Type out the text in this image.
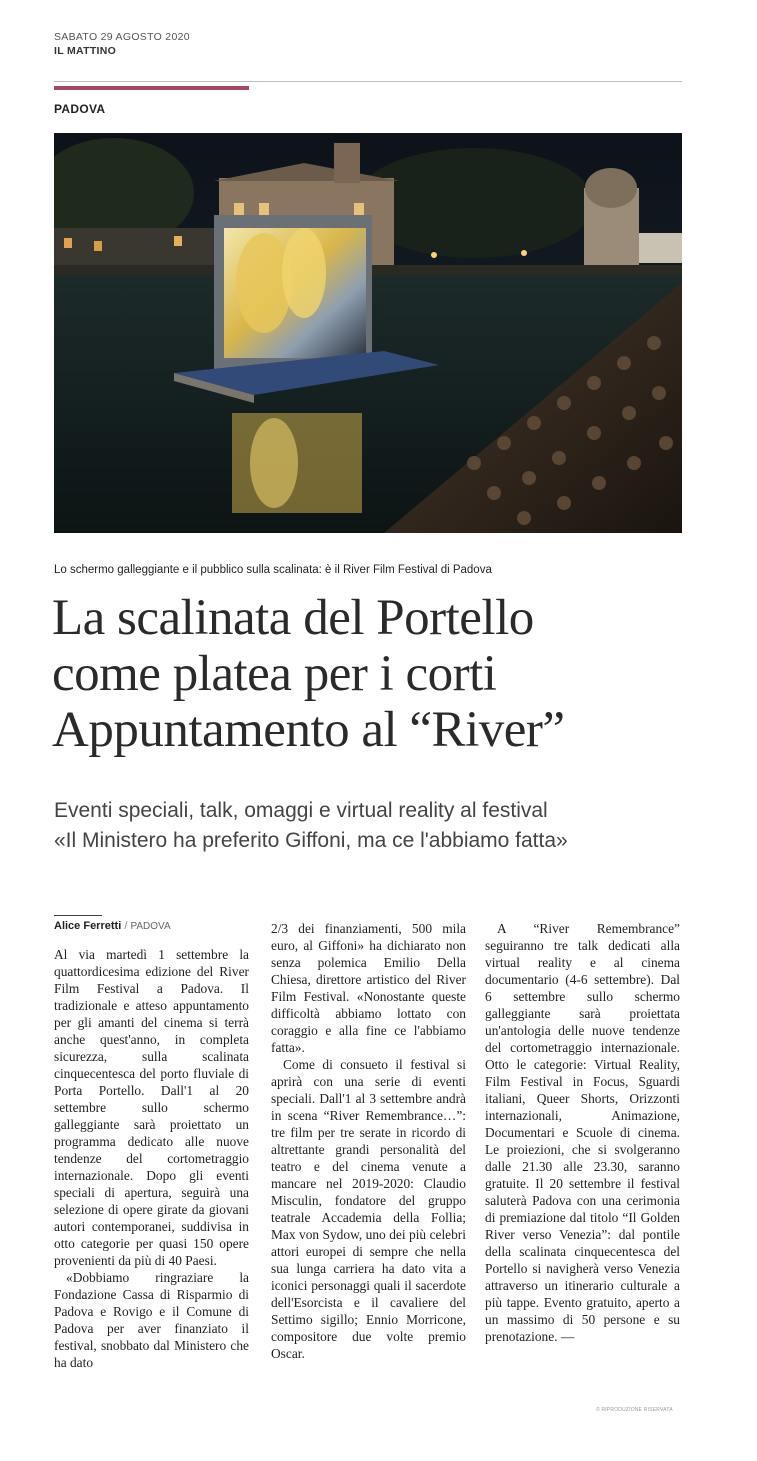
SABATO 29 AGOSTO 2020
IL MATTINO
PADOVA
Lo schermo galleggiante e il pubblico sulla scalinata: è il River Film Festival di Padova
La scalinata del Portello
come platea per i corti
Appuntamento al “River”
Eventi speciali, talk, omaggi e virtual reality al festival
«Il Ministero ha preferito Giffoni, ma ce l'abbiamo fatta»
Alice Ferretti / PADOVA

Al via martedì 1 settembre la quattordicesima edizione del River Film Festival a Padova. Il tradizionale e atteso appuntamento per gli amanti del cinema si terrà anche quest'anno, in completa sicurezza, sulla scalinata cinquecentesca del porto fluviale di Porta Portello. Dall'1 al 20 settembre sullo schermo galleggiante sarà proiettato un programma dedicato alle nuove tendenze del cortometraggio internazionale. Dopo gli eventi speciali di apertura, seguirà una selezione di opere girate da giovani autori contemporanei, suddivisa in otto categorie per quasi 150 opere provenienti da più di 40 Paesi.

«Dobbiamo ringraziare la Fondazione Cassa di Risparmio di Padova e Rovigo e il Comune di Padova per aver finanziato il festival, snobbato dal Ministero che ha dato

2/3 dei finanziamenti, 500 mila euro, al Giffoni» ha dichiarato non senza polemica Emilio Della Chiesa, direttore artistico del River Film Festival. «Nonostante queste difficoltà abbiamo lottato con coraggio e alla fine ce l'abbiamo fatta».

Come di consueto il festival si aprirà con una serie di eventi speciali. Dall'1 al 3 settembre andrà in scena “River Remembrance…”: tre film per tre serate in ricordo di altrettante grandi personalità del teatro e del cinema venute a mancare nel 2019-2020: Claudio Misculin, fondatore del gruppo teatrale Accademia della Follia; Max von Sydow, uno dei più celebri attori europei di sempre che nella sua lunga carriera ha dato vita a iconici personaggi quali il sacerdote dell'Esorcista e il cavaliere del Settimo sigillo; Ennio Morricone, compositore due volte premio Oscar.

A “River Remembrance” seguiranno tre talk dedicati alla virtual reality e al cinema documentario (4-6 settembre). Dal 6 settembre sullo schermo galleggiante sarà proiettata un'antologia delle nuove tendenze del cortometraggio internazionale. Otto le categorie: Virtual Reality, Film Festival in Focus, Sguardi italiani, Queer Shorts, Orizzonti internazionali, Animazione, Documentari e Scuole di cinema. Le proiezioni, che si svolgeranno dalle 21.30 alle 23.30, saranno gratuite. Il 20 settembre il festival saluterà Padova con una cerimonia di premiazione dal titolo “Il Golden River verso Venezia”: dal pontile della scalinata cinquecentesca del Portello si navigherà verso Venezia attraverso un itinerario culturale a più tappe. Evento gratuito, aperto a un massimo di 50 persone e su prenotazione. —

© RIPRODUZIONE RISERVATA
